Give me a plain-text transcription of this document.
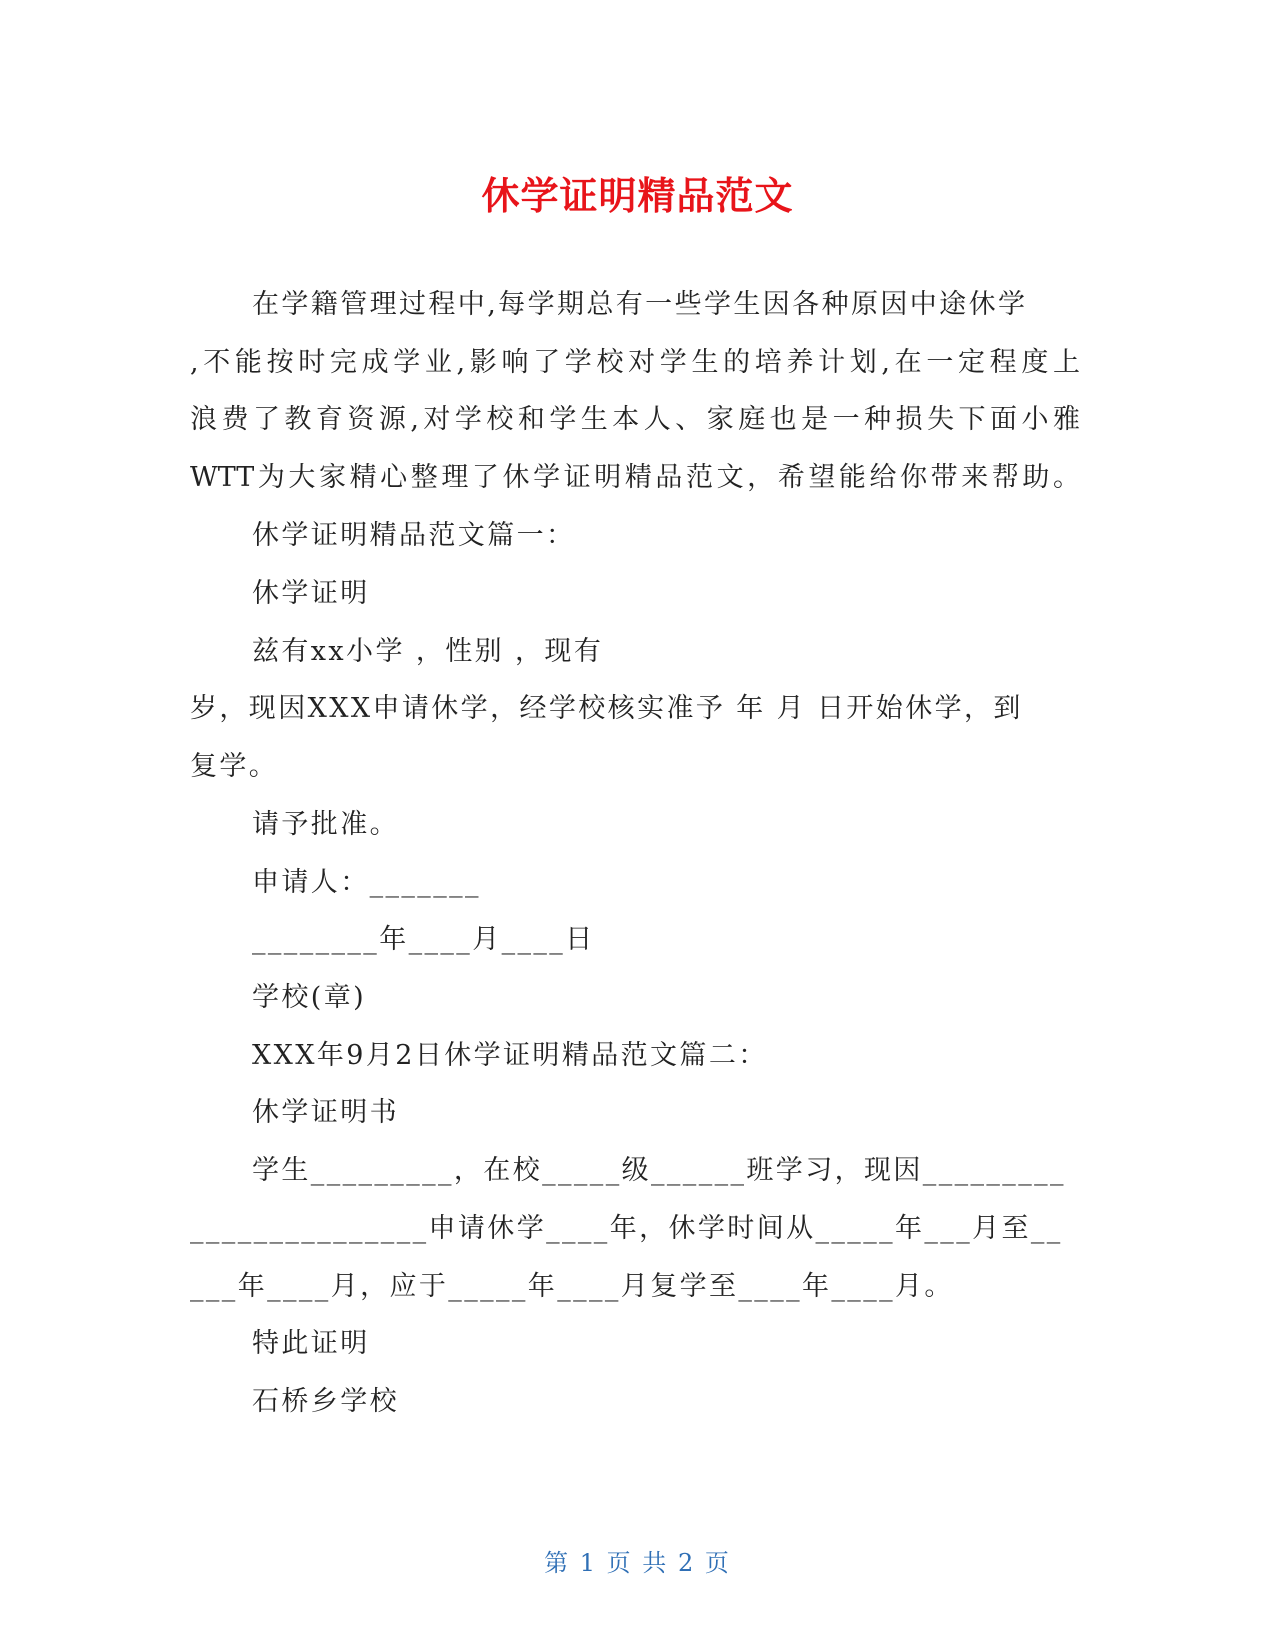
休学证明精品范文
在学籍管理过程中,每学期总有一些学生因各种原因中途休学
,不能按时完成学业,影响了学校对学生的培养计划,在一定程度上
浪费了教育资源,对学校和学生本人、家庭也是一种损失下面小雅
WTT为大家精心整理了休学证明精品范文，希望能给你带来帮助。
休学证明精品范文篇一：
休学证明
兹有xx小学 ，性别 ，现有
岁，现因XXX申请休学，经学校核实准予 年 月 日开始休学，到
复学。
请予批准。
申请人：_______
________年____月____日
学校(章)
XXX年9月2日休学证明精品范文篇二：
休学证明书
学生_________，在校_____级______班学习，现因_________
_______________申请休学____年，休学时间从_____年___月至__
___年____月，应于_____年____月复学至____年____月。
特此证明
石桥乡学校
第 1 页 共 2 页
